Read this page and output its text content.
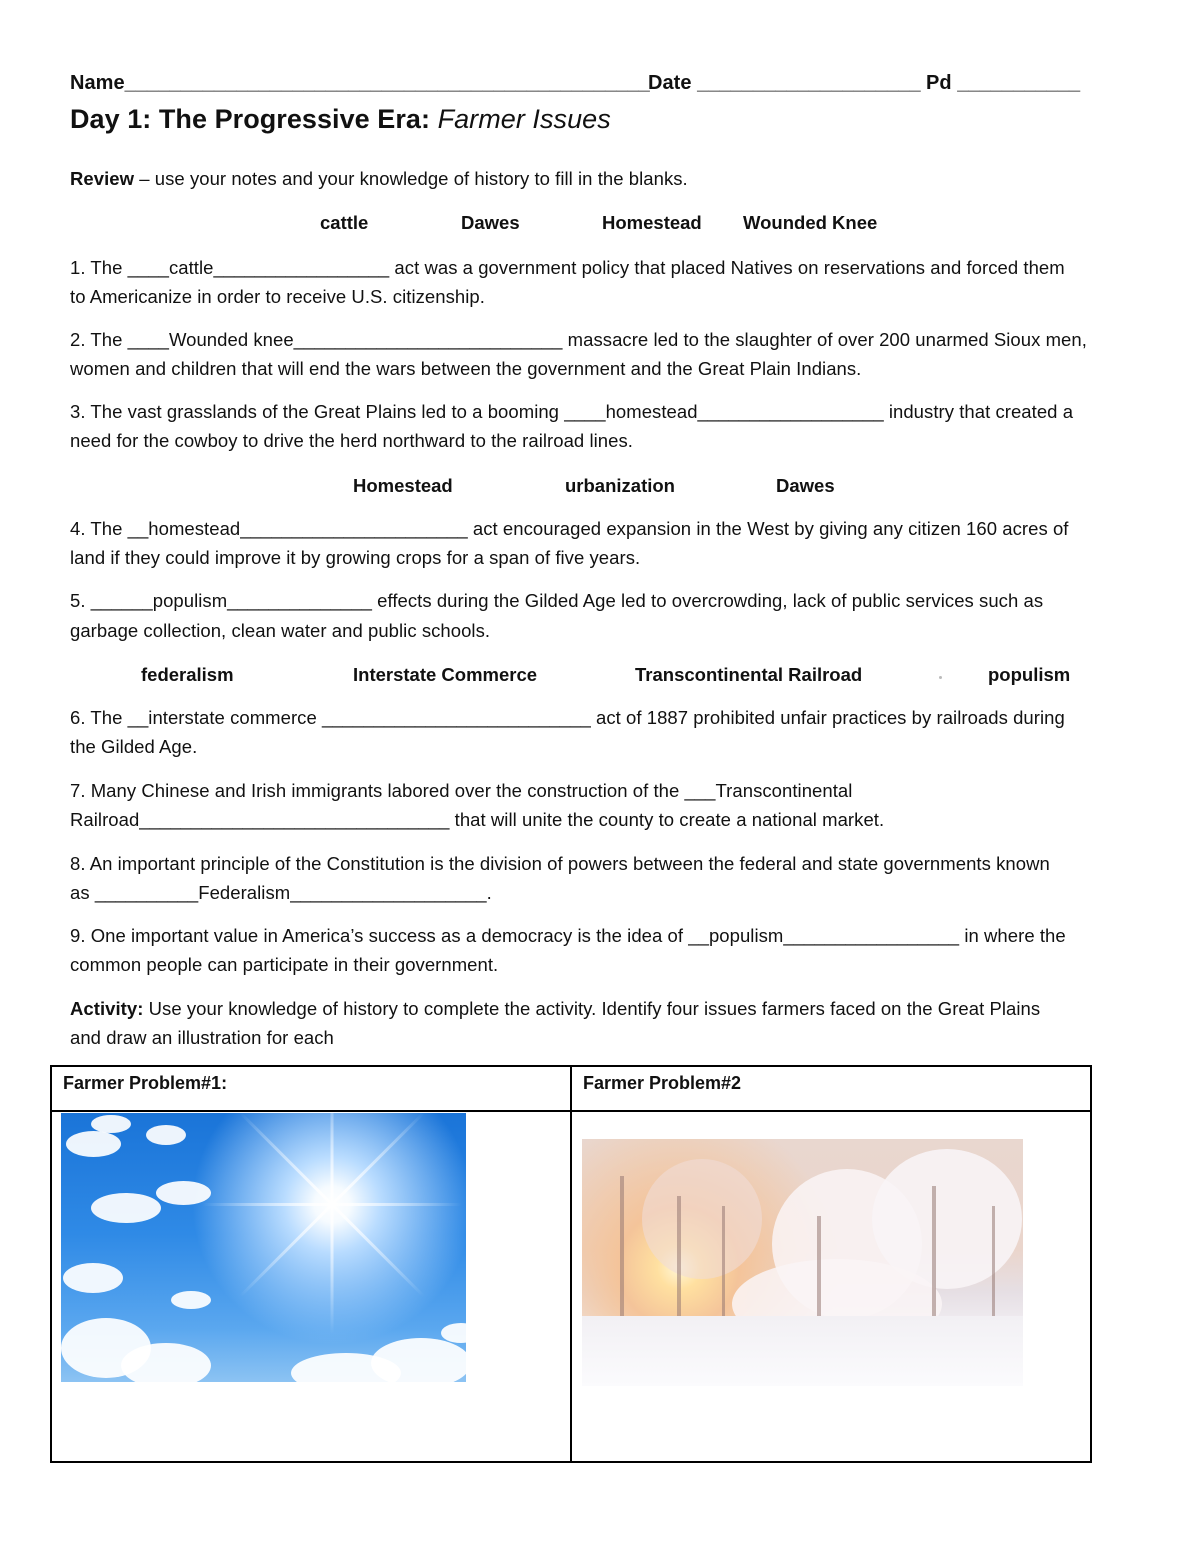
Name_______________________________________________
Date ____________________ Pd ___________
Day 1: The Progressive Era: Farmer Issues
Review – use your notes and your knowledge of history to fill in the blanks.
cattle	Dawes	Homestead Wounded Knee
1. The ____cattle_________________ act was a government policy that placed Natives on reservations and forced them
to Americanize in order to receive U.S. citizenship.
2. The ____Wounded knee__________________________ massacre led to the slaughter of over 200 unarmed Sioux men,
women and children that will end the wars between the government and the Great Plain Indians.
3. The vast grasslands of the Great Plains led to a booming ____homestead__________________ industry that created a
need for the cowboy to drive the herd northward to the railroad lines.
Homestead	urbanization	Dawes
4. The __homestead______________________ act encouraged expansion in the West by giving any citizen 160 acres of
land if they could improve it by growing crops for a span of five years.
5. ______populism______________ effects during the Gilded Age led to overcrowding, lack of public services such as
garbage collection, clean water and public schools.
federalism	Interstate Commerce	Transcontinental Railroad	populism
6. The __interstate commerce __________________________ act of 1887 prohibited unfair practices by railroads during
the Gilded Age.
7. Many Chinese and Irish immigrants labored over the construction of the ___Transcontinental
Railroad______________________________ that will unite the county to create a national market.
8. An important principle of the Constitution is the division of powers between the federal and state governments known
as __________Federalism___________________.
9. One important value in America’s success as a democracy is the idea of __populism_________________ in where the
common people can participate in their government.
Activity: Use your knowledge of history to complete the activity. Identify four issues farmers faced on the Great Plains
and draw an illustration for each
Farmer Problem#1:	Farmer Problem#2
